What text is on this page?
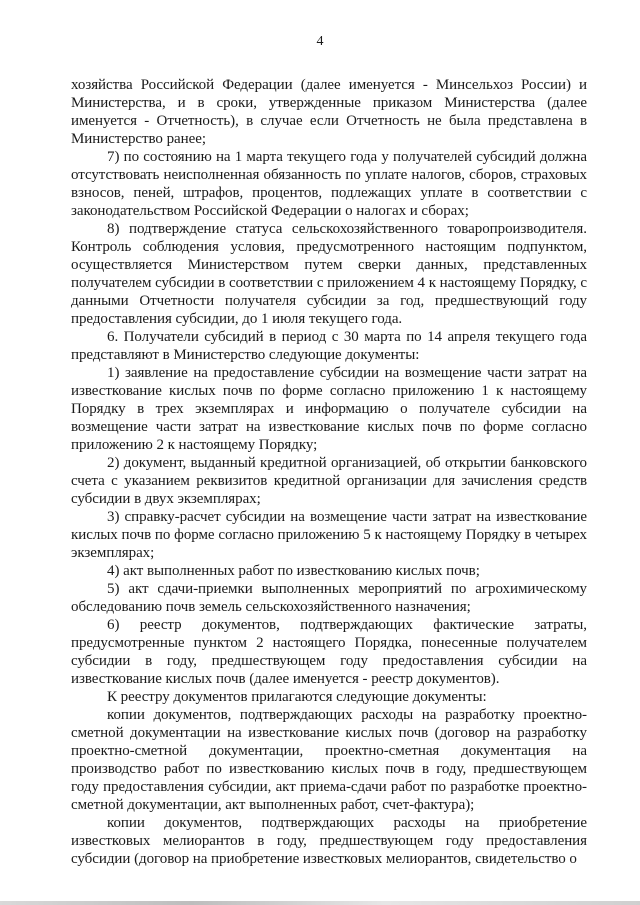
4

хозяйства Российской Федерации (далее именуется - Минсельхоз России) и Министерства, и в сроки, утвержденные приказом Министерства (далее именуется - Отчетность), в случае если Отчетность не была представлена в Министерство ранее;

7) по состоянию на 1 марта текущего года у получателей субсидий должна отсутствовать неисполненная обязанность по уплате налогов, сборов, страховых взносов, пеней, штрафов, процентов, подлежащих уплате в соответствии с законодательством Российской Федерации о налогах и сборах;

8) подтверждение статуса сельскохозяйственного товаропроизводителя. Контроль соблюдения условия, предусмотренного настоящим подпунктом, осуществляется Министерством путем сверки данных, представленных получателем субсидии в соответствии с приложением 4 к настоящему Порядку, с данными Отчетности получателя субсидии за год, предшествующий году предоставления субсидии, до 1 июля текущего года.

6. Получатели субсидий в период с 30 марта по 14 апреля текущего года представляют в Министерство следующие документы:

1) заявление на предоставление субсидии на возмещение части затрат на известкование кислых почв по форме согласно приложению 1 к настоящему Порядку в трех экземплярах и информацию о получателе субсидии на возмещение части затрат на известкование кислых почв по форме согласно приложению 2 к настоящему Порядку;

2) документ, выданный кредитной организацией, об открытии банковского счета с указанием реквизитов кредитной организации для зачисления средств субсидии в двух экземплярах;

3) справку-расчет субсидии на возмещение части затрат на известкование кислых почв по форме согласно приложению 5 к настоящему Порядку в четырех экземплярах;

4) акт выполненных работ по известкованию кислых почв;

5) акт сдачи-приемки выполненных мероприятий по агрохимическому обследованию почв земель сельскохозяйственного назначения;

6) реестр документов, подтверждающих фактические затраты, предусмотренные пунктом 2 настоящего Порядка, понесенные получателем субсидии в году, предшествующем году предоставления субсидии на известкование кислых почв (далее именуется - реестр документов).

К реестру документов прилагаются следующие документы:

копии документов, подтверждающих расходы на разработку проектно-сметной документации на известкование кислых почв (договор на разработку проектно-сметной документации, проектно-сметная документация на производство работ по известкованию кислых почв в году, предшествующем году предоставления субсидии, акт приема-сдачи работ по разработке проектно-сметной документации, акт выполненных работ, счет-фактура);

копии документов, подтверждающих расходы на приобретение известковых мелиорантов в году, предшествующем году предоставления субсидии (договор на приобретение известковых мелиорантов, свидетельство о
